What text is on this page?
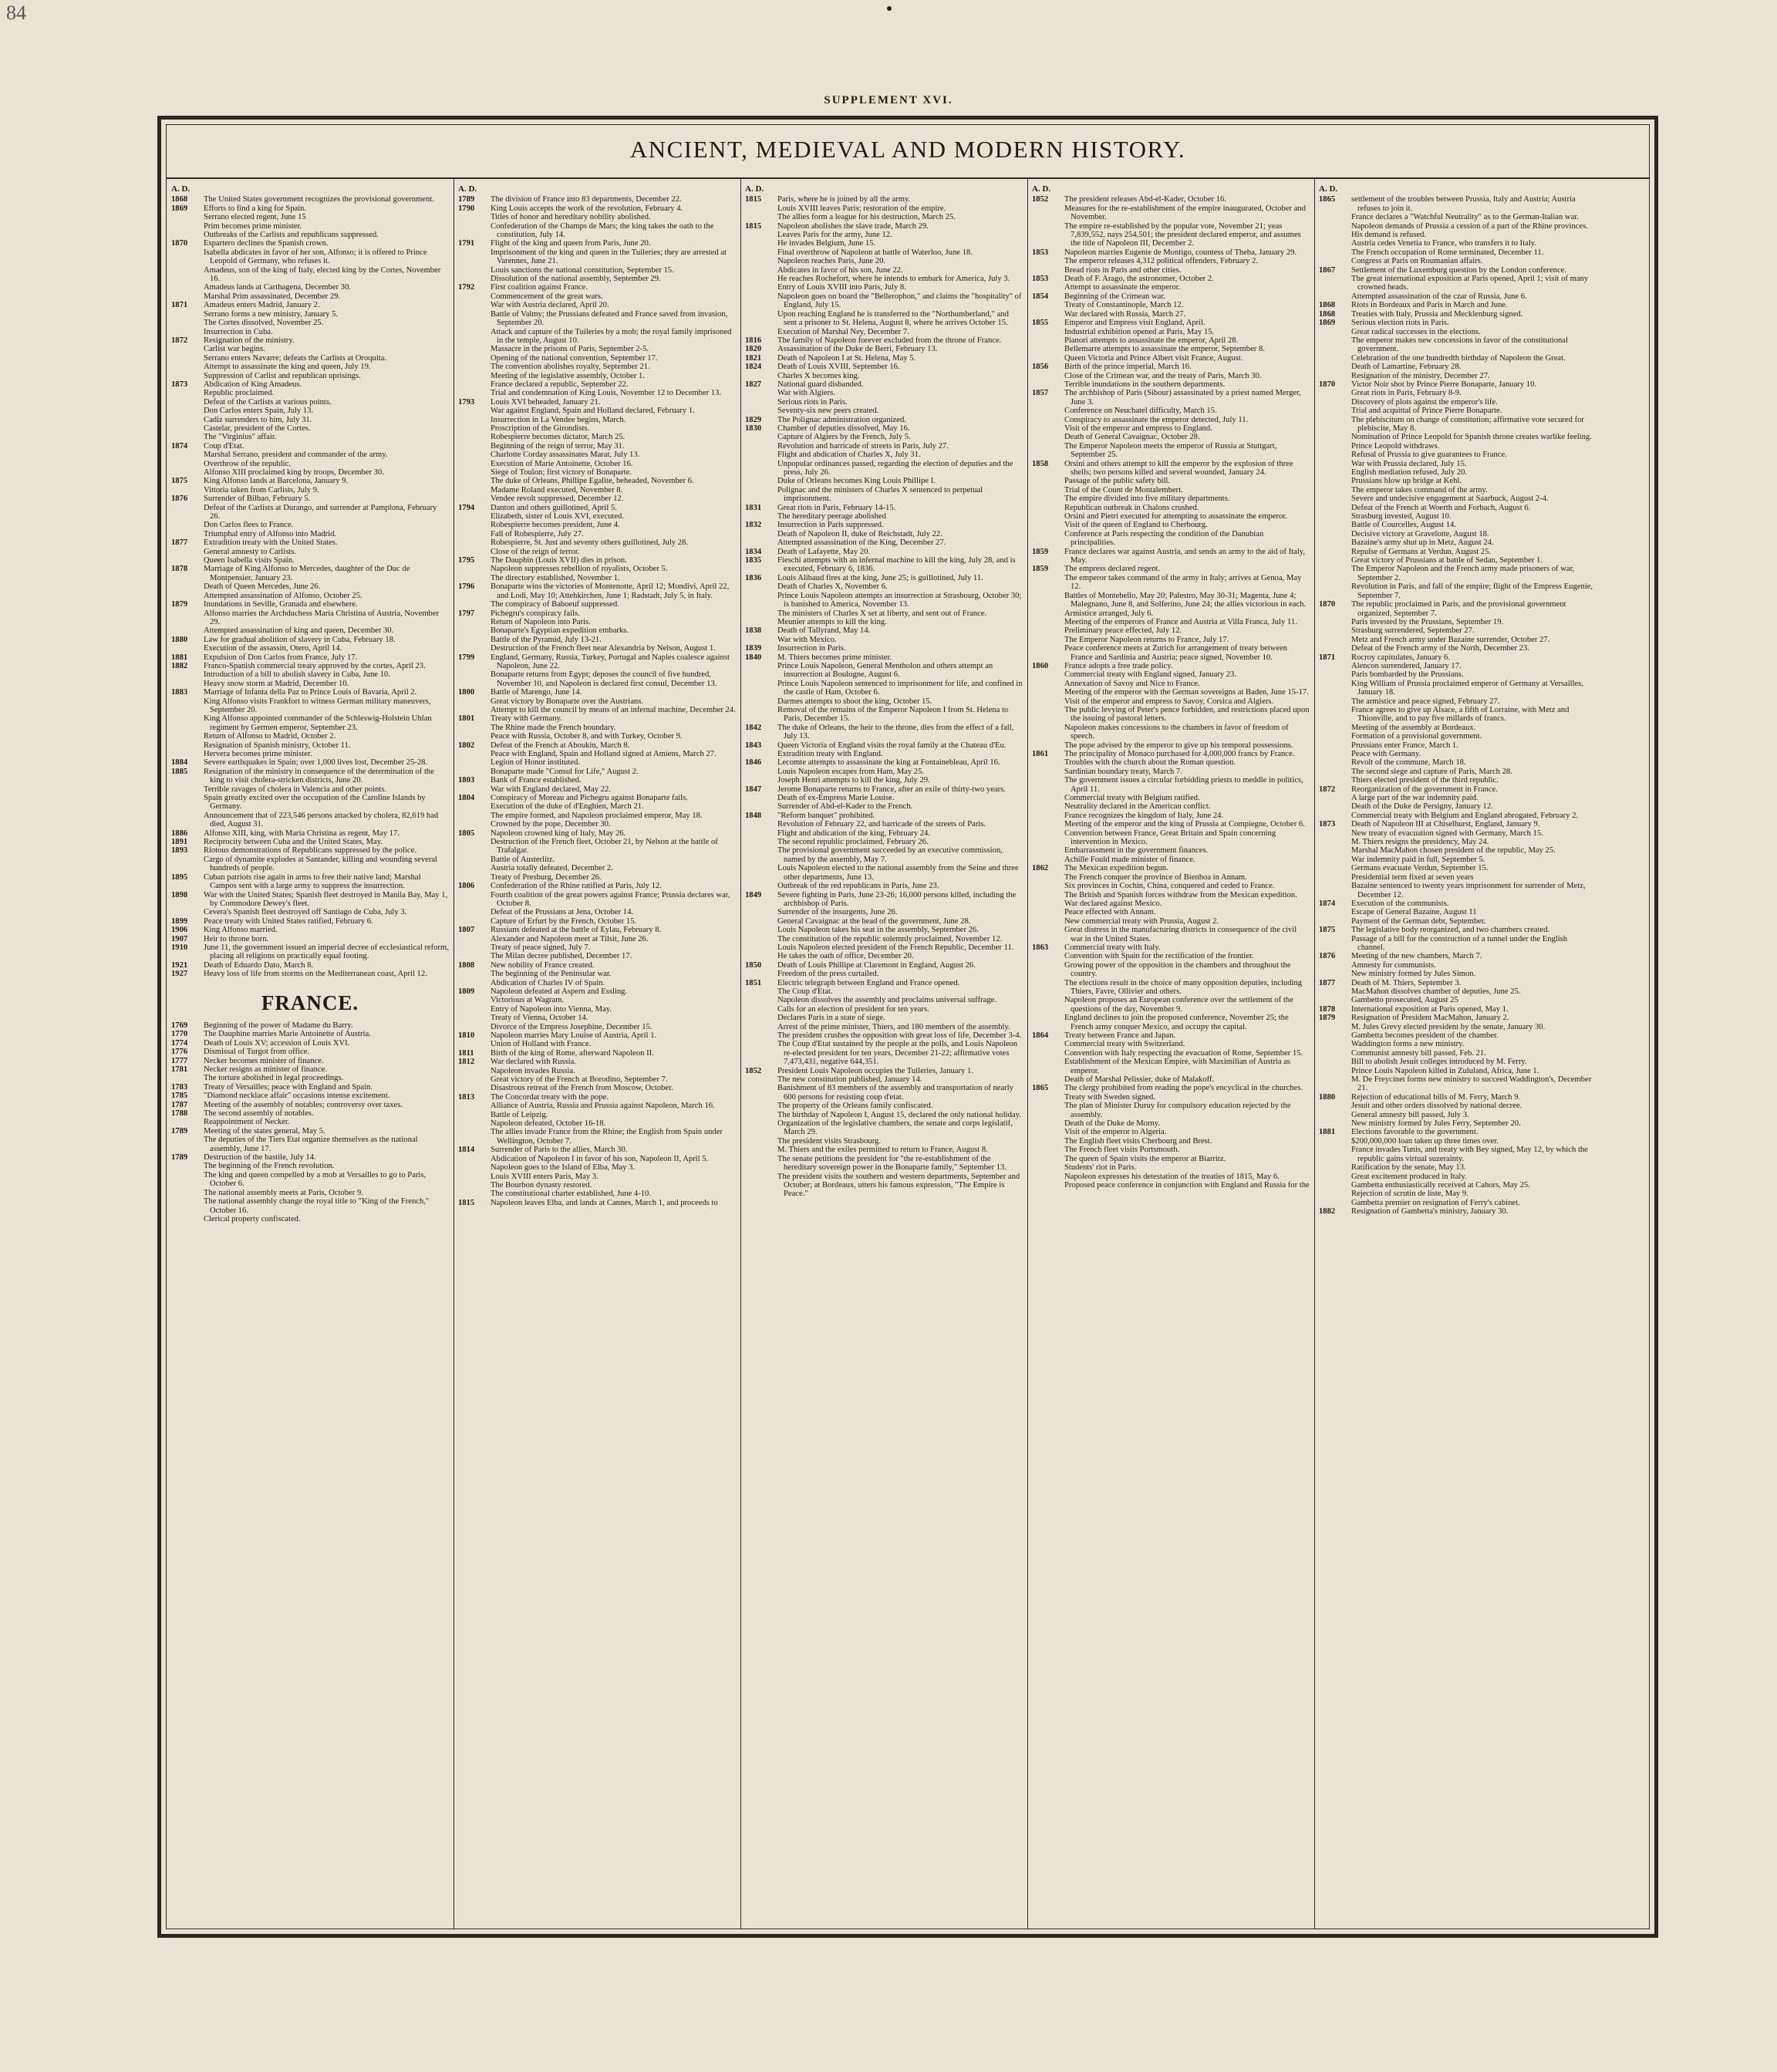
84
SUPPLEMENT XVI.
ANCIENT, MEDIEVAL AND MODERN HISTORY.
A. D.
1868	The United States government recognizes the provisional government.
1869	Efforts to find a king for Spain.
Serrano elected regent, June 15
Prim becomes prime minister.
Outbreaks of the Carlists and republicans suppressed.
1870	Espartero declines the Spanish crown.
Isabella abdicates in favor of her son, Alfonso; it is offered to Prince Leopold of Germany, who refuses it.
Amadeus, son of the king of Italy, elected king by the Cortes, November 16.
Amadeus lands at Carthagena, December 30.
Marshal Prim assassinated, December 29.
1871	Amadeus enters Madrid, January 2.
Serrano forms a new ministry, January 5.
The Cortes dissolved, November 25.
Insurrection in Cuba.
1872	Resignation of the ministry.
Carlist war begins.
Serrano enters Navarre; defeats the Carlists at Oroquita.
Attempt to assassinate the king and queen, July 19.
Suppression of Carlist and republican uprisings.
1873	Abdication of King Amadeus.
Republic proclaimed.
Defeat of the Carlists at various points.
Don Carlos enters Spain, July 13.
Cadiz surrenders to him, July 31.
Castelar, president of the Cortes.
The "Virginius" affair.
1874	Coup d'Etat.
Marshal Serrano, president and commander of the army.
Overthrow of the republic.
Alfonso XIII proclaimed king by troops, December 30.
1875	King Alfonso lands at Barcelona, January 9.
Vittoria taken from Carlists, July 9.
1876	Surrender of Bilbao, February 5.
Defeat of the Carlists at Durango, and surrender at Pamplona, February 26.
Don Carlos flees to France.
Triumphal entry of Alfonso into Madrid.
1877	Extradition treaty with the United States.
General amnesty to Carlists.
Queen Isabella visits Spain.
1878	Marriage of King Alfonso to Mercedes, daughter of the Duc de Montpensier, January 23.
Death of Queen Mercedes, June 26.
Attempted assassination of Alfonso, October 25.
1879	Inundations in Seville, Granada and elsewhere.
Alfonso marries the Archduchess Maria Christina of Austria, November 29.
Attempted assassination of king and queen, December 30.
1880	Law for gradual abolition of slavery in Cuba, February 18.
Execution of the assassin, Otero, April 14.
1881	Expulsion of Don Carlos from France, July 17.
1882	Franco-Spanish commercial treaty approved by the cortes, April 23.
Introduction of a bill to abolish slavery in Cuba, June 10.
Heavy snow storm at Madrid, December 10.
1883	Marriage of Infanta della Paz to Prince Louis of Bavaria, April 2.
King Alfonso visits Frankfort to witness German military maneuvers, September 20.
King Alfonso appointed commander of the Schleswig-Holstein Uhlan regiment by Germen emperor, September 23.
Return of Alfonso to Madrid, October 2.
Resignation of Spanish ministry, October 11.
Hervera becomes prime minister.
1884	Severe earthquakes in Spain; over 1,000 lives lost, December 25-28.
1885	Resignation of the ministry in consequence of the determination of the king to visit cholera-stricken districts, June 20.
Terrible ravages of cholera in Valencia and other points.
Spain greatly excited over the occupation of the Caroline Islands by Germany.
Announcement that of 223,546 persons attacked by cholera, 82,619 had died, August 31.
1886	Alfonso XIII, king, with Maria Christina as regent, May 17.
1891	Reciprocity between Cuba and the United States, May.
1893	Riotous demonstrations of Republicans suppressed by the police.
Cargo of dynamite explodes at Santander, killing and wounding several hundreds of people.
1895	Cuban patriots rise again in arms to free their native land; Marshal Campos sent with a large army to suppress the insurrection.
1898	War with the United States; Spanish fleet destroyed in Manila Bay, May 1, by Commodore Dewey's fleet.
Cevera's Spanish fleet destroyed off Santiago de Cuba, July 3.
1899	Peace treaty with United States ratified, February 6.
1906	King Alfonso married.
1907	Heir to throne born.
1910	June 11, the government issued an imperial decree of ecclesiastical reform, placing all religions on practically equal footing.
1921	Death of Eduardo Dato, March 8.
1927	Heavy loss of life from storms on the Mediterranean coast, April 12.
FRANCE.
1769	Beginning of the power of Madame du Barry.
1770	The Dauphine marries Marie Antoinette of Austria.
1774	Death of Louis XV; accession of Louis XVI.
1776	Dismissal of Turgot from office.
1777	Necker becomes minister of finance.
1781	Necker resigns as minister of finance.
The torture abolished in legal proceedings.
1783	Treaty of Versailles; peace with England and Spain.
1785	"Diamond necklace affair" occasions intense excitement.
1787	Meeting of the assembly of notables; controversy over taxes.
1788	The second assembly of notables.
Reappointment of Necker.
1789	Meeting of the states general, May 5.
The deputies of the Tiers Etat organize themselves as the national assembly, June 17.
1789	Destruction of the bastile, July 14.
The beginning of the French revolution.
The king and queen compelled by a mob at Versailles to go to Paris, October 6.
The national assembly meets at Paris, October 9.
The national assembly change the royal title to "King of the French," October 16.
Clerical property confiscated.
A. D.
1789	The division of France into 83 departments, December 22.
1790	King Louis accepts the work of the revolution, February 4.
Titles of honor and hereditary nobility abolished.
Confederation of the Champs de Mars; the king takes the oath to the constitution, July 14.
1791	Flight of the king and queen from Paris, June 20.
Imprisonment of the king and queen in the Tuileries; they are arrested at Varennes, June 21.
Louis sanctions the national constitution, September 15.
Dissolution of the national assembly, September 29.
1792	First coalition against France.
Commencement of the great wars.
War with Austria declared, April 20.
Battle of Valmy; the Prussians defeated and France saved from invasion, September 20.
Attack and capture of the Tuileries by a mob; the royal family imprisoned in the temple, August 10.
Massacre in the prisons of Paris, September 2-5.
Opening of the national convention, September 17.
The convention abolishes royalty, September 21.
Meeting of the legislative assembly, October 1.
France declared a republic, September 22.
Trial and condemnation of King Louis, November 12 to December 13.
1793	Louis XVI beheaded, January 21.
War against England, Spain and Holland declared, February 1.
Insurrection in La Vendee begins, March.
Proscription of the Girondists.
Robespierre becomes dictator, March 25.
Beginning of the reign of terror, May 31.
Charlotte Corday assassinates Marat, July 13.
Execution of Marie Antoinette, October 16.
Siege of Toulon; first victory of Bonaparte.
The duke of Orleans, Phillipe Egalite, beheaded, November 6.
Madame Roland executed, November 8.
Vendee revolt suppressed, December 12.
1794	Danton and others guillotined, April 5.
Elizabeth, sister of Louis XVI, executed.
Robespierre becomes president, June 4.
Fall of Robespierre, July 27.
Robespierre, St. Just and seventy others guillotined, July 28.
Close of the reign of terror.
1795	The Dauphin (Louis XVII) dies in prison.
Napoleon suppresses rebellion of royalists, October 5.
The directory established, November 1.
1796	Bonaparte wins the victories of Montenotte, April 12; Mondivi, April 22, and Lodi, May 10; Attehkirchen, June 1; Radstadt, July 5, in Italy.
The conspiracy of Baboeuf suppressed.
1797	Pichegru's conspiracy fails.
Return of Napoleon into Paris.
Bonaparte's Egyptian expedition embarks.
Battle of the Pyramid, July 13-21.
Destruction of the French fleet near Alexandria by Nelson, August 1.
1799	England, Germany, Russia, Turkey, Portugal and Naples coalesce against Napoleon, June 22.
Bonaparte returns from Egypt; deposes the council of five hundred, November 10, and Napoleon is declared first consul, December 13.
1800	Battle of Marengo, June 14.
Great victory by Bonaparte over the Austrians.
Attempt to kill the council by means of an infernal machine, December 24.
1801	Treaty with Germany.
The Rhine made the French boundary.
Peace with Russia, October 8, and with Turkey, October 9.
1802	Defeat of the French at Aboukin, March 8.
Peace with England, Spain and Holland signed at Amiens, March 27.
Legion of Honor instituted.
Bonaparte made "Consul for Life," August 2.
1803	Bank of France established.
War with England declared, May 22.
1804	Conspiracy of Moreau and Pichegru against Bonaparte fails.
Execution of the duke of d'Enghien, March 21.
The empire formed, and Napoleon proclaimed emperor, May 18.
Crowned by the pope, December 30.
1805	Napoleon crowned king of Italy, May 26.
Destruction of the French fleet, October 21, by Nelson at the battle of Trafalgar.
Battle of Austerlitz.
Austria totally defeated, December 2.
Treaty of Presburg, December 26.
1806	Confederation of the Rhine ratified at Paris, July 12.
Fourth coalition of the great powers against France; Prussia declares war, October 8.
Defeat of the Prussians at Jena, October 14.
Capture of Erfurt by the French, October 15.
1807	Russians defeated at the battle of Eylau, February 8.
Alexander and Napoleon meet at Tilsit, June 26.
Treaty of peace signed, July 7.
The Milan decree published, December 17.
1808	New nobility of France created.
The beginning of the Peninsular war.
Abdication of Charles IV of Spain.
1809	Napoleon defeated at Aspern and Essling.
Victorious at Wagram.
Entry of Napoleon into Vienna, May.
Treaty of Vienna, October 14.
Divorce of the Empress Josephine, December 15.
1810	Napoleon marries Mary Louise of Austria, April 1.
Union of Holland with France.
1811	Birth of the king of Rome, afterward Napoleon II.
1812	War declared with Russia.
Napoleon invades Russia.
Great victory of the French at Borodino, September 7.
Disastrous retreat of the French from Moscow, October.
1813	The Concordat treaty with the pope.
Alliance of Austria, Russia and Prussia against Napoleon, March 16.
Battle of Leipzig.
Napoleon defeated, October 16-18.
The allies invade France from the Rhine; the English from Spain under Wellington, October 7.
1814	Surrender of Paris to the allies, March 30.
Abdication of Napoleon I in favor of his son, Napoleon II, April 5.
Napoleon goes to the Island of Elba, May 3.
Louis XVIII enters Paris, May 3.
The Bourbon dynasty restored.
The constitutional charter established, June 4-10.
1815	Napoleon leaves Elba, and lands at Cannes, March 1, and proceeds to
A. D.
1815	Paris, where he is joined by all the army.
Louis XVIII leaves Paris; restoration of the empire.
The allies form a league for his destruction, March 25.
1815	Napoleon abolishes the slave trade, March 29.
Leaves Paris for the army, June 12.
He invades Belgium, June 15.
Final overthrow of Napoleon at battle of Waterloo, June 18.
Napoleon reaches Paris, June 20.
Abdicates in favor of his son, June 22.
He reaches Rochefort, where he intends to embark for America, July 3.
Entry of Louis XVIII into Paris, July 8.
Napoleon goes on board the "Bellerophon," and claims the "hospitality" of England, July 15.
Upon reaching England he is transferred to the "Northumberland," and sent a prisoner to St. Helena, August 8, where he arrives October 15.
Execution of Marshal Ney, December 7.
1816	The family of Napoleon forever excluded from the throne of France.
1820	Assassination of the Duke de Berri, February 13.
1821	Death of Napoleon I at St. Helena, May 5.
1824	Death of Louis XVIII, September 16.
Charles X becomes king.
1827	National guard disbanded.
War with Algiers.
Serious riots in Paris.
Seventy-six new peers created.
1829	The Polignac administration organized.
1830	Chamber of deputies dissolved, May 16.
Capture of Algiers by the French, July 5.
Revolution and barricade of streets in Paris, July 27.
Flight and abdication of Charles X, July 31.
Unpopular ordinances passed, regarding the election of deputies and the press, July 26.
Duke of Orleans becomes King Louis Phillipe I.
Polignac and the ministers of Charles X sentenced to perpetual imprisonment.
1831	Great riots in Paris, February 14-15.
The hereditary peerage abolished
1832	Insurrection in Paris suppressed.
Death of Napoleon II, duke of Reichstadt, July 22.
Attempted assassination of the King, December 27.
1834	Death of Lafayette, May 20.
1835	Fieschi attempts with an infernal machine to kill the king, July 28, and is executed, February 6, 1836.
1836	Louis Alibaud fires at the king, June 25; is guillotined, July 11.
Death of Charles X, November 6.
Prince Louis Napoleon attempts an insurrection at Strasbourg, October 30; is banished to America, November 13.
The ministers of Charles X set at liberty, and sent out of France.
Meunier attempts to kill the king.
1838	Death of Tallyrand, May 14.
War with Mexico.
1839	Insurrection in Paris.
1840	M. Thiers becomes prime minister.
Prince Louis Napoleon, General Mentholon and others attempt an insurrection at Boulogne, August 6.
Prince Louis Napoleon sentenced to imprisonment for life, and confined in the castle of Ham, October 6.
Darmes attempts to shoot the king, October 15.
Removal of the remains of the Emperor Napoleon I from St. Helena to Paris, December 15.
1842	The duke of Orleans, the heir to the throne, dies from the effect of a fall, July 13.
1843	Queen Victoria of England visits the royal family at the Chateau d'Eu.
Extradition treaty with England.
1846	Lecomte attempts to assassinate the king at Fontainebleau, April 16.
Louis Napoleon escapes from Ham, May 25.
Joseph Henri attempts to kill the king, July 29.
1847	Jerome Bonaparte returns to France, after an exile of thirty-two years.
Death of ex-Empress Marie Louise.
Surrender of Abd-el-Kader to the French.
1848	"Reform banquet" prohibited.
Revolution of February 22, and barricade of the streets of Paris.
Flight and abdication of the king, February 24.
The second republic proclaimed, February 26.
The provisional government succeeded by an executive commission, named by the assembly, May 7.
Louis Napoleon elected to the national assembly from the Seine and three other departments, June 13.
Outbreak of the red republicans in Paris, June 23.
1849	Severe fighting in Paris, June 23-26; 16,000 persons killed, including the archbishop of Paris.
Surrender of the insurgents, June 26.
General Cavaignac at the head of the government, June 28.
Louis Napoleon takes his seat in the assembly, September 26.
The constitution of the republic solemnly proclaimed, November 12.
Louis Napoleon elected president of the French Republic, December 11.
He takes the oath of office, December 20.
1850	Death of Louis Phillipe at Claremont in England, August 26.
Freedom of the press curtailed.
1851	Electric telegraph between England and France opened.
The Coup d'Etat.
Napoleon dissolves the assembly and proclaims universal suffrage.
Calls for an election of president for ten years.
Declares Paris in a state of siege.
Arrest of the prime minister, Thiers, and 180 members of the assembly.
The president crushes the opposition with great loss of life, December 3-4.
The Coup d'Etat sustained by the people at the polls, and Louis Napoleon re-elected president for ten years, December 21-22; affirmative votes 7,473,431, negative 644,351.
1852	President Louis Napoleon occupies the Tuileries, January 1.
The new constitution published, January 14.
Banishment of 83 members of the assembly and transportation of nearly 600 persons for resisting coup d'etat.
The property of the Orleans family confiscated.
The birthday of Napoleon I, August 15, declared the only national holiday.
Organization of the legislative chambers, the senate and corps legislatif, March 29.
The president visits Strasbourg.
M. Thiers and the exiles permitted to return to France, August 8.
The senate petitions the president for "the re-establishment of the hereditary sovereign power in the Bonaparte family," September 13.
The president visits the southern and western departments, September and October; at Bordeaux, utters his famous expression, "The Empire is Peace."
A. D.
1852	The president releases Abd-el-Kader, October 16.
Measures for the re-establishment of the empire inaugurated, October and November.
The empire re-established by the popular vote, November 21; yeas 7,839,552, nays 254,501; the president declared emperor, and assumes the title of Napoleon III, December 2.
1853	Napoleon marries Eugenie de Montigo, countess of Theba, January 29.
The emperor releases 4,312 political offenders, February 2.
Bread riots in Paris and other cities.
1853	Death of F. Arago, the astronomer, October 2.
Attempt to assassinate the emperor.
1854	Beginning of the Crimean war.
Treaty of Constantinople, March 12.
War declared with Russia, March 27.
1855	Emperor and Empress visit England, April.
Industrial exhibition opened at Paris, May 15.
Pianori attempts to assassinate the emperor, April 28.
Bellemarre attempts to assassinate the emperor, September 8.
Queen Victoria and Prince Albert visit France, August.
1856	Birth of the prince imperial, March 16.
Close of the Crimean war, and the treaty of Paris, March 30.
Terrible inundations in the southern departments.
1857	The archbishop of Paris (Sibour) assassinated by a priest named Merger, June 3.
Conference on Neuchatel difficulty, March 15.
Conspiracy to assassinate the emperor detected, July 11.
Visit of the emperor and empress to England.
Death of General Cavaignac, October 28.
The Emperor Napoleon meets the emperor of Russia at Stuttgart, September 25.
1858	Orsini and others attempt to kill the emperor by the explosion of three shells; two persons killed and several wounded, January 24.
Passage of the public safety bill.
Trial of the Count de Montalembert.
The empire divided into five military departments.
Republican outbreak in Chalons crushed.
Orsini and Pietri executed for attempting to assassinate the emperor.
Visit of the queen of England to Cherbourg.
Conference at Paris respecting the condition of the Danubian principalities.
1859	France declares war against Austria, and sends an army to the aid of Italy, May.
1859	The empress declared regent.
The emperor takes command of the army in Italy; arrives at Genoa, May 12.
Battles of Montebello, May 20; Palestro, May 30-31; Magenta, June 4; Malegnano, June 8, and Solferino, June 24; the allies victorious in each.
Armistice arranged, July 6.
Meeting of the emperors of France and Austria at Villa Franca, July 11.
Preliminary peace effected, July 12.
The Emperor Napoleon returns to France, July 17.
Peace conference meets at Zurich for arrangement of treaty between France and Sardinia and Austria; peace signed, November 10.
1860	France adopts a free trade policy.
Commercial treaty with England signed, January 23.
Annexation of Savoy and Nice to France.
Meeting of the emperor with the German sovereigns at Baden, June 15-17.
Visit of the emperor and empress to Savoy, Corsica and Algiers.
The public levying of Peter's pence forbidden, and restrictions placed upon the issuing of pastoral letters.
Napoleon makes concessions to the chambers in favor of freedom of speech.
The pope advised by the emperor to give up his temporal possessions.
1861	The principality of Monaco purchased for 4,000,000 francs by France.
Troubles with the church about the Roman question.
Sardinian boundary treaty, March 7.
The government issues a circular forbidding priests to meddle in politics, April 11.
Commercial treaty with Belgium ratified.
Neutrality declared in the American conflict.
France recognizes the kingdom of Italy, June 24.
Meeting of the emperor and the king of Prussia at Compiegne, October 6.
Convention between France, Great Britain and Spain concerning intervention in Mexico.
Embarrassment in the government finances.
Achille Fould made minister of finance.
1862	The Mexican expedition begun.
The French conquer the province of Bienhoa in Annam.
Six provinces in Cochin, China, conquered and ceded to France.
The British and Spanish forces withdraw from the Mexican expedition.
War declared against Mexico.
Peace effected with Annam.
New commercial treaty with Prussia, August 2.
Great distress in the manufacturing districts in consequence of the civil war in the United States.
1863	Commercial treaty with Italy.
Convention with Spain for the rectification of the frontier.
Growing power of the opposition in the chambers and throughout the country.
The elections result in the choice of many opposition deputies, including Thiers, Favre, Ollivier and others.
Napoleon proposes an European conference over the settlement of the questions of the day, November 9.
England declines to join the proposed conference, November 25; the French army conquer Mexico, and occupy the capital.
1864	Treaty between France and Japan.
Commercial treaty with Switzerland.
Convention with Italy respecting the evacuation of Rome, September 15.
Establishment of the Mexican Empire, with Maximilian of Austria as emperor.
Death of Marshal Pelissier, duke of Malakoff.
1865	The clergy prohibited from reading the pope's encyclical in the churches.
Treaty with Sweden signed.
The plan of Minister Duruy for compulsory education rejected by the assembly.
Death of the Duke de Morny.
Visit of the emperor to Algeria.
The English fleet visits Cherbourg and Brest.
The French fleet visits Portsmouth.
The queen of Spain visits the emperor at Biarritz.
Students' riot in Paris.
Napoleon expresses his detestation of the treaties of 1815, May 6.
Proposed peace conference in conjunction with England and Russia for the
A. D.
1865	settlement of the troubles between Prussia, Italy and Austria; Austria refuses to join it.
France declares a "Watchful Neutrality" as to the German-Italian war.
Napoleon demands of Prussia a cession of a part of the Rhine provinces.
His demand is refused.
Austria cedes Venetia to France, who transfers it to Italy.
The French occupation of Rome terminated, December 11.
Congress at Paris on Roumanian affairs.
1867	Settlement of the Luxemburg question by the London conference.
The great international exposition at Paris opened, April 1; visit of many crowned heads.
Attempted assassination of the czar of Russia, June 6.
1868	Riots in Bordeaux and Paris in March and June.
1868	Treaties with Italy, Prussia and Mecklenburg signed.
1869	Serious election riots in Paris.
Great radical successes in the elections.
The emperor makes new concessions in favor of the constitutional government.
Celebration of the one hundredth birthday of Napoleon the Great.
Death of Lamartine, February 28.
Resignation of the ministry, December 27.
1870	Victor Noir shot by Prince Pierre Bonaparte, January 10.
Great riots in Paris, February 8-9.
Discovery of plots against the emperor's life.
Trial and acquittal of Prince Pierre Bonaparte.
The plebiscitum on change of constitution; affirmative vote secured for plebiscite, May 8.
Nomination of Prince Leopold for Spanish throne creates warlike feeling.
Prince Leopold withdraws.
Refusal of Prussia to give guarantees to France.
War with Prussia declared, July 15.
English mediation refused, July 20.
Prussians blow up bridge at Kehl.
The emperor takes command of the army.
Severe and undecisive engagement at Saarbuck, August 2-4.
Defeat of the French at Woerth and Forbach, August 6.
Strasburg invested, August 10.
Battle of Courcelles, August 14.
Decisive victory at Gravelotte, August 18.
Bazaine's army shut up in Metz, August 24.
Repulse of Germans at Verdun, August 25.
Great victory of Prussians at battle of Sedan, September 1.
The Emperor Napoleon and the French army made prisoners of war, September 2.
Revolution in Paris, and fall of the empire; flight of the Empress Eugenie, September 7.
1870	The republic proclaimed in Paris, and the provisional government organized, September 7.
Paris invested by the Prussians, September 19.
Strasburg surrendered, September 27.
Metz and French army under Bazaine surrender, October 27.
Defeat of the French army of the North, December 23.
1871	Rocroy capitulates, January 6.
Alencon surrendered, January 17.
Paris bombarded by the Prussians.
King William of Prussia proclaimed emperor of Germany at Versailles, January 18.
The armistice and peace signed, February 27.
France agrees to give up Alsace, a fifth of Lorraine, with Metz and Thionville, and to pay five millards of francs.
Meeting of the assembly at Bordeaux.
Formation of a provisional government.
Prussians enter France, March 1.
Peace with Germany.
Revolt of the commune, March 18.
The second siege and capture of Paris, March 28.
Thiers elected president of the third republic.
1872	Reorganization of the government in France.
A large part of the war indemnity paid.
Death of the Duke de Persigny, January 12.
Commercial treaty with Belgium and England abrogated, February 2.
1873	Death of Napoleon III at Chiselhurst, England, January 9.
New treaty of evacuation signed with Germany, March 15.
M. Thiers resigns the presidency, May 24.
Marshal MacMahon chosen president of the republic, May 25.
War indemnity paid in full, September 5.
Germans evacuate Verdun, September 15.
Presidential term fixed at seven years
Bazaine sentenced to twenty years imprisonment for surrender of Metz, December 12.
1874	Execution of the communists.
Escape of General Bazaine, August 11
Payment of the German debt, September.
1875	The legislative body reorganized, and two chambers created.
Passage of a bill for the construction of a tunnel under the English channel.
1876	Meeting of the new chambers, March 7.
Amnesty for communists.
New ministry formed by Jules Simon.
1877	Death of M. Thiers, September 3.
MacMahon dissolves chamber of deputies, June 25.
Gambetto prosecuted, August 25
1878	International exposition at Paris opened, May 1.
1879	Resignation of President MacMahon, January 2.
M. Jules Grevy elected president by the senate, January 30.
Gambetta becomes president of the chamber.
Waddington forms a new ministry.
Communist amnesty bill passed, Feb. 21.
Bill to abolish Jesuit colleges introduced by M. Ferry.
Prince Louis Napoleon killed in Zululand, Africa, June 1.
M. De Freycinet forms new ministry to succeed Waddington's, December 21.
1880	Rejection of educational bills of M. Ferry, March 9.
Jesuit and other orders dissolved by national decree.
General amnesty bill passed, July 3.
New ministry formed by Jules Ferry, September 20.
1881	Elections favorable to the government.
$200,000,000 loan taken up three times over.
France invades Tunis, and treaty with Bey signed, May 12, by which the republic gains virtual suzerainty.
Ratification by the senate, May 13.
Great excitement produced in Italy.
Gambetta enthusiastically received at Cahors, May 25.
Rejection of scrutin de liste, May 9.
Gambetta premier on resignation of Ferry's cabinet.
1882	Resignation of Gambetta's ministry, January 30.
